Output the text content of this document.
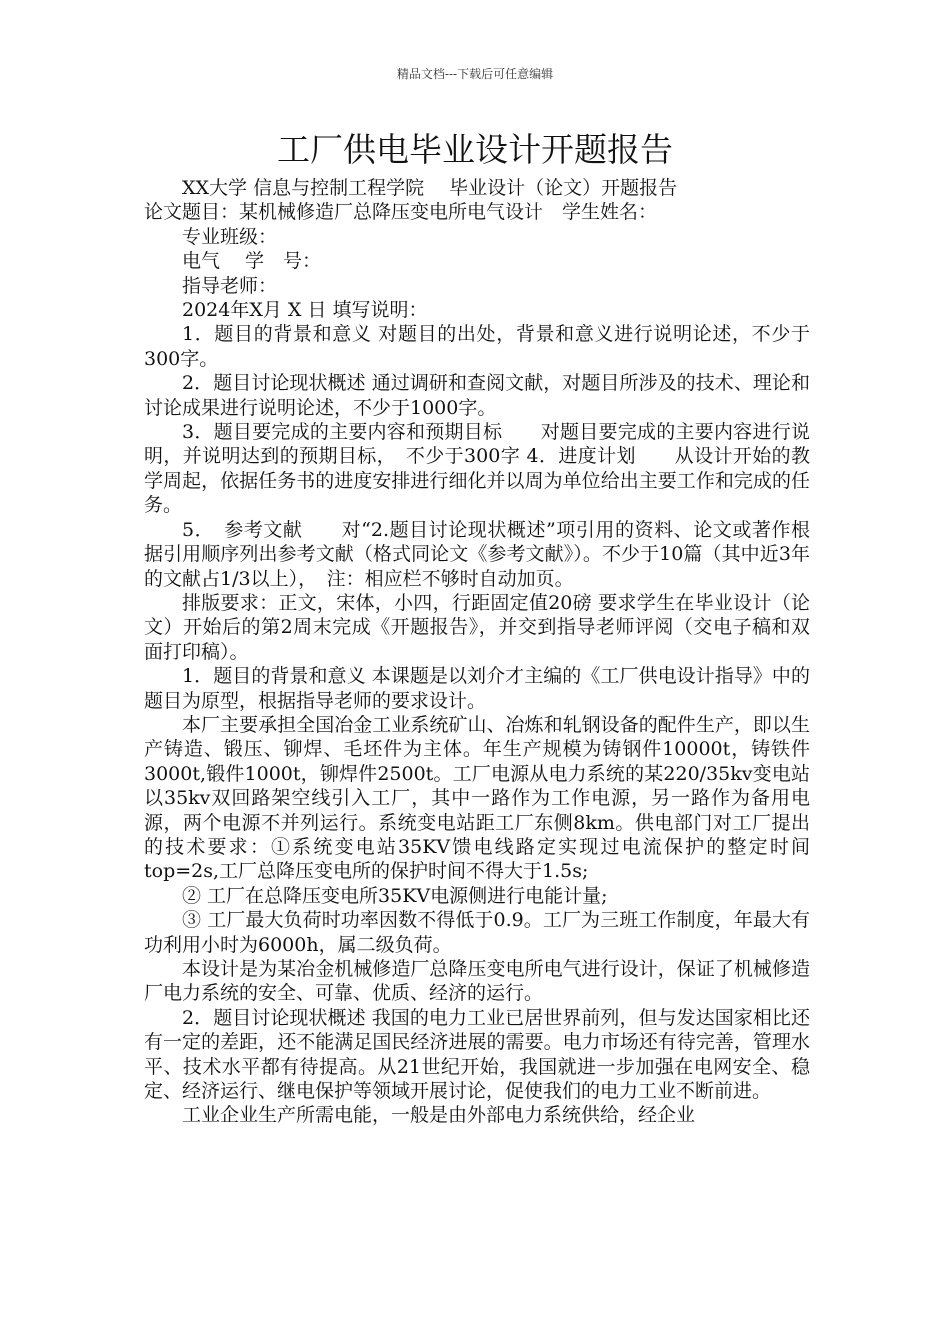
精品文档---下载后可任意编辑
工厂供电毕业设计开题报告

XX大学 信息与控制工程学院　 毕业设计（论文）开题报告

论文题目：某机械修造厂总降压变电所电气设计　学生姓名：

专业班级：

电气　 学　号：

指导老师：

2024年X月 X 日 填写说明：

1．题目的背景和意义 对题目的出处，背景和意义进行说明论述，不少于300字。

2．题目讨论现状概述 通过调研和查阅文献，对题目所涉及的技术、理论和讨论成果进行说明论述，不少于1000字。

3．题目要完成的主要内容和预期目标　　对题目要完成的主要内容进行说明，并说明达到的预期目标，　不少于300字 4．进度计划　　从设计开始的教学周起，依据任务书的进度安排进行细化并以周为单位给出主要工作和完成的任务。

5．　参考文献　　对“2.题目讨论现状概述”项引用的资料、论文或著作根据引用顺序列出参考文献（格式同论文《参考文献》）。不少于10篇（其中近3年的文献占1/3以上），　注：相应栏不够时自动加页。

排版要求：正文，宋体，小四，行距固定值20磅 要求学生在毕业设计（论文）开始后的第2周末完成《开题报告》，并交到指导老师评阅（交电子稿和双面打印稿）。

1．题目的背景和意义 本课题是以刘介才主编的《工厂供电设计指导》中的题目为原型，根据指导老师的要求设计。

本厂主要承担全国冶金工业系统矿山、冶炼和轧钢设备的配件生产，即以生产铸造、锻压、铆焊、毛坯件为主体。年生产规模为铸钢件10000t，铸铁件3000t,锻件1000t，铆焊件2500t。工厂电源从电力系统的某220/35kv变电站以35kv双回路架空线引入工厂，其中一路作为工作电源，另一路作为备用电源，两个电源不并列运行。系统变电站距工厂东侧8km。供电部门对工厂提出的技术要求：①系统变电站35KV馈电线路定实现过电流保护的整定时间top=2s,工厂总降压变电所的保护时间不得大于1.5s;

② 工厂在总降压变电所35KV电源侧进行电能计量;

③ 工厂最大负荷时功率因数不得低于0.9。工厂为三班工作制度，年最大有功利用小时为6000h，属二级负荷。

本设计是为某冶金机械修造厂总降压变电所电气进行设计，保证了机械修造厂电力系统的安全、可靠、优质、经济的运行。

2．题目讨论现状概述 我国的电力工业已居世界前列，但与发达国家相比还有一定的差距，还不能满足国民经济进展的需要。电力市场还有待完善，管理水平、技术水平都有待提高。从21世纪开始，我国就进一步加强在电网安全、稳定、经济运行、继电保护等领域开展讨论，促使我们的电力工业不断前进。

工业企业生产所需电能，一般是由外部电力系统供给，经企业
